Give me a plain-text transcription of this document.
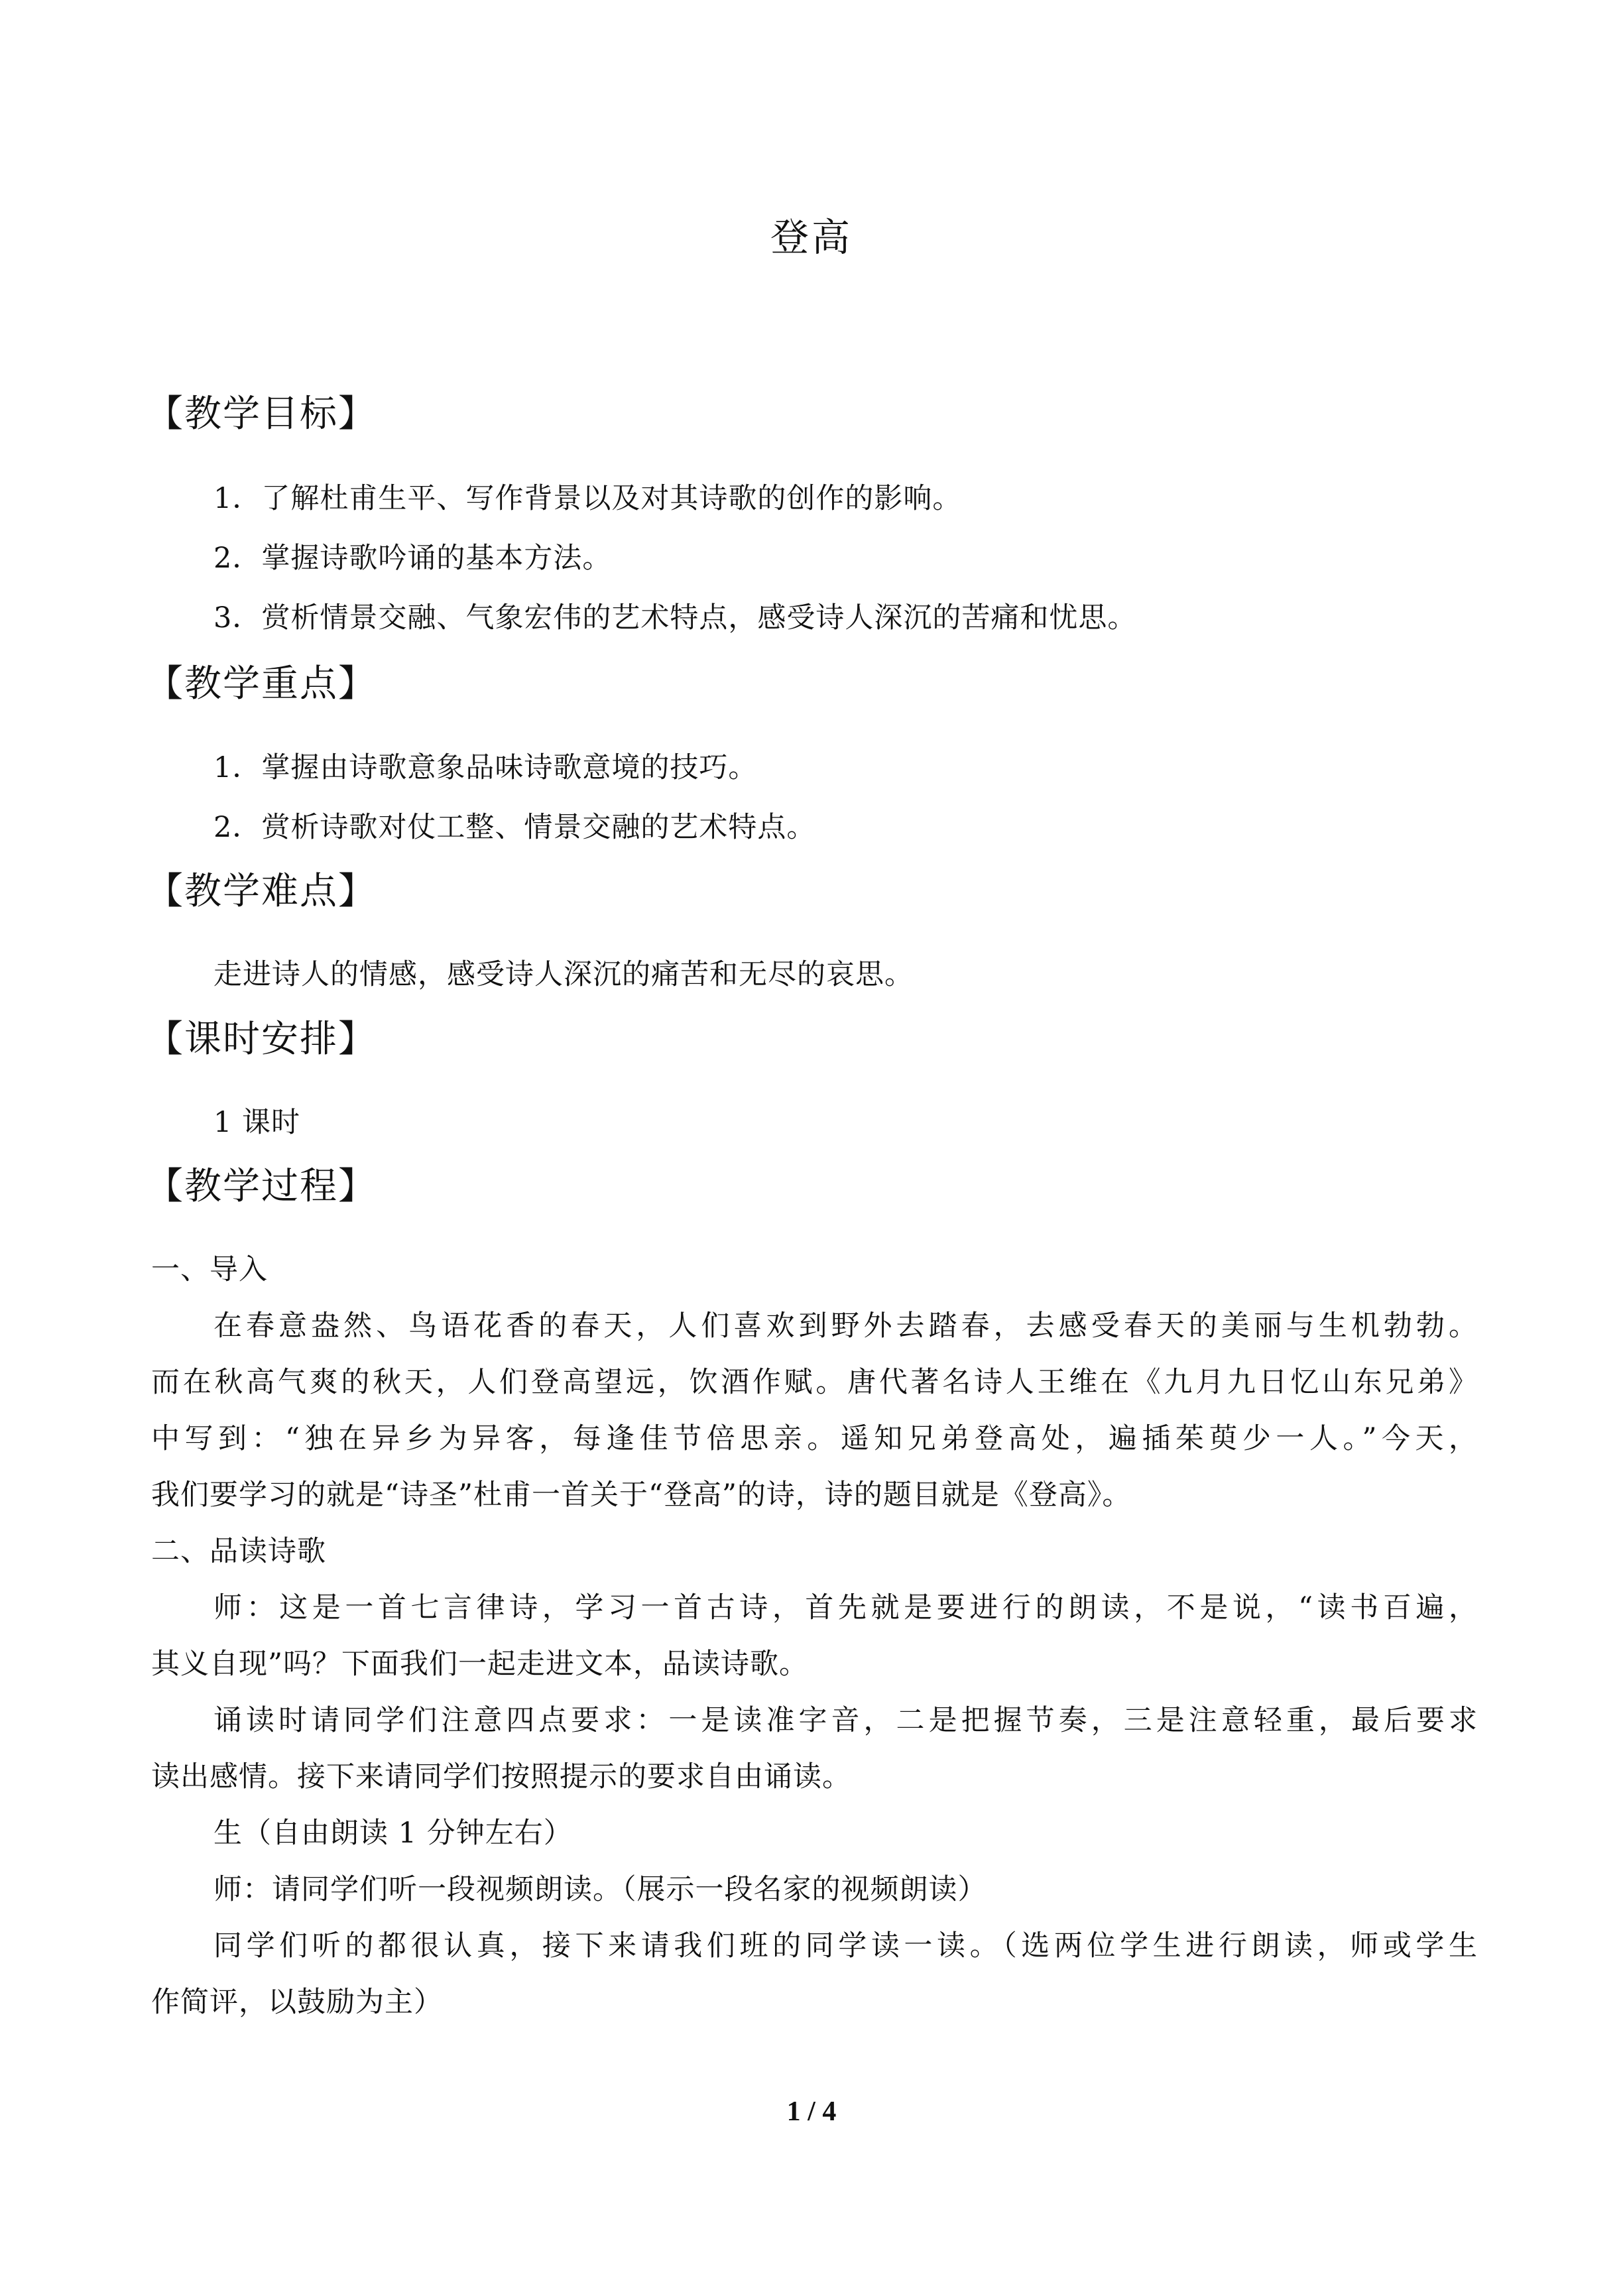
登高
【教学目标】
1．了解杜甫生平、写作背景以及对其诗歌的创作的影响。
2．掌握诗歌吟诵的基本方法。
3．赏析情景交融、气象宏伟的艺术特点，感受诗人深沉的苦痛和忧思。
【教学重点】
1．掌握由诗歌意象品味诗歌意境的技巧。
2．赏析诗歌对仗工整、情景交融的艺术特点。
【教学难点】
走进诗人的情感，感受诗人深沉的痛苦和无尽的哀思。
【课时安排】
1 课时
【教学过程】
一、导入
在春意盎然、鸟语花香的春天，人们喜欢到野外去踏春，去感受春天的美丽与生机勃勃。
而在秋高气爽的秋天，人们登高望远，饮酒作赋。唐代著名诗人王维在《九月九日忆山东兄弟》
中写到：“独在异乡为异客，每逢佳节倍思亲。遥知兄弟登高处，遍插茱萸少一人。”今天，
我们要学习的就是“诗圣”杜甫一首关于“登高”的诗，诗的题目就是《登高》。
二、品读诗歌
师：这是一首七言律诗，学习一首古诗，首先就是要进行的朗读，不是说，“读书百遍，
其义自现”吗？下面我们一起走进文本，品读诗歌。
诵读时请同学们注意四点要求：一是读准字音，二是把握节奏，三是注意轻重，最后要求
读出感情。接下来请同学们按照提示的要求自由诵读。
生（自由朗读 1 分钟左右）
师：请同学们听一段视频朗读。（展示一段名家的视频朗读）
同学们听的都很认真，接下来请我们班的同学读一读。（选两位学生进行朗读，师或学生
作简评，以鼓励为主）
1 / 4
